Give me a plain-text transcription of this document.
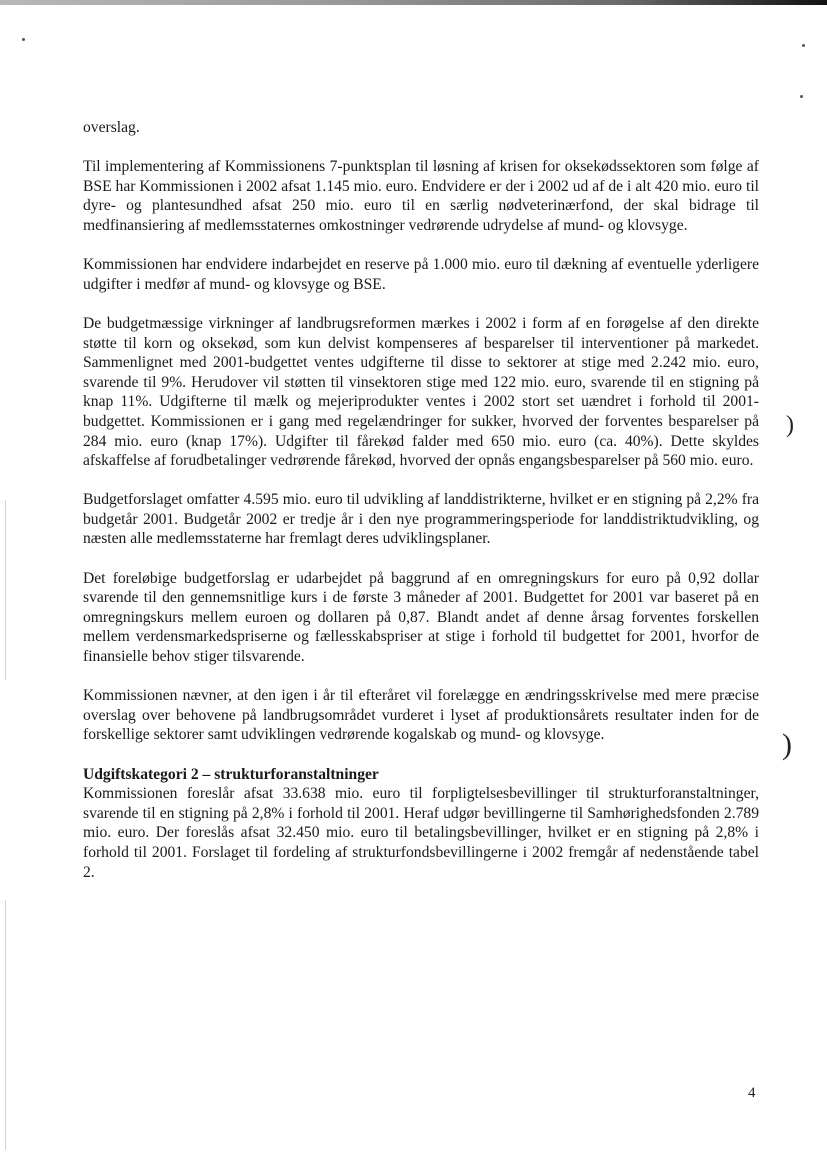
overslag.

Til implementering af Kommissionens 7-punktsplan til løsning af krisen for oksekødssektoren som følge af BSE har Kommissionen i 2002 afsat 1.145 mio. euro. Endvidere er der i 2002 ud af de i alt 420 mio. euro til dyre- og plantesundhed afsat 250 mio. euro til en særlig nødveterinærfond, der skal bidrage til medfinansiering af medlemsstaternes omkostninger vedrørende udrydelse af mund- og klovsyge.

Kommissionen har endvidere indarbejdet en reserve på 1.000 mio. euro til dækning af eventuelle yderligere udgifter i medfør af mund- og klovsyge og BSE.

De budgetmæssige virkninger af landbrugsreformen mærkes i 2002 i form af en forøgelse af den direkte støtte til korn og oksekød, som kun delvist kompenseres af besparelser til interventioner på markedet. Sammenlignet med 2001-budgettet ventes udgifterne til disse to sektorer at stige med 2.242 mio. euro, svarende til 9%. Herudover vil støtten til vinsektoren stige med 122 mio. euro, svarende til en stigning på knap 11%. Udgifterne til mælk og mejeriprodukter ventes i 2002 stort set uændret i forhold til 2001-budgettet. Kommissionen er i gang med regelændringer for sukker, hvorved der forventes besparelser på 284 mio. euro (knap 17%). Udgifter til fårekød falder med 650 mio. euro (ca. 40%). Dette skyldes afskaffelse af forudbetalinger vedrørende fårekød, hvorved der opnås engangsbesparelser på 560 mio. euro.

Budgetforslaget omfatter 4.595 mio. euro til udvikling af landdistrikterne, hvilket er en stigning på 2,2% fra budgetår 2001. Budgetår 2002 er tredje år i den nye programmeringsperiode for landdistriktudvikling, og næsten alle medlemsstaterne har fremlagt deres udviklingsplaner.

Det foreløbige budgetforslag er udarbejdet på baggrund af en omregningskurs for euro på 0,92 dollar svarende til den gennemsnitlige kurs i de første 3 måneder af 2001. Budgettet for 2001 var baseret på en omregningskurs mellem euroen og dollaren på 0,87. Blandt andet af denne årsag forventes forskellen mellem verdensmarkedspriserne og fællesskabspriser at stige i forhold til budgettet for 2001, hvorfor de finansielle behov stiger tilsvarende.

Kommissionen nævner, at den igen i år til efteråret vil forelægge en ændringsskrivelse med mere præcise overslag over behovene på landbrugsområdet vurderet i lyset af produktionsårets resultater inden for de forskellige sektorer samt udviklingen vedrørende kogalskab og mund- og klovsyge.

Udgiftskategori 2 – strukturforanstaltninger

Kommissionen foreslår afsat 33.638 mio. euro til forpligtelsesbevillinger til strukturforanstaltninger, svarende til en stigning på 2,8% i forhold til 2001. Heraf udgør bevillingerne til Samhørighedsfonden 2.789 mio. euro. Der foreslås afsat 32.450 mio. euro til betalingsbevillinger, hvilket er en stigning på 2,8% i forhold til 2001. Forslaget til fordeling af strukturfondsbevillingerne i 2002 fremgår af nedenstående tabel 2.

)
)
4
